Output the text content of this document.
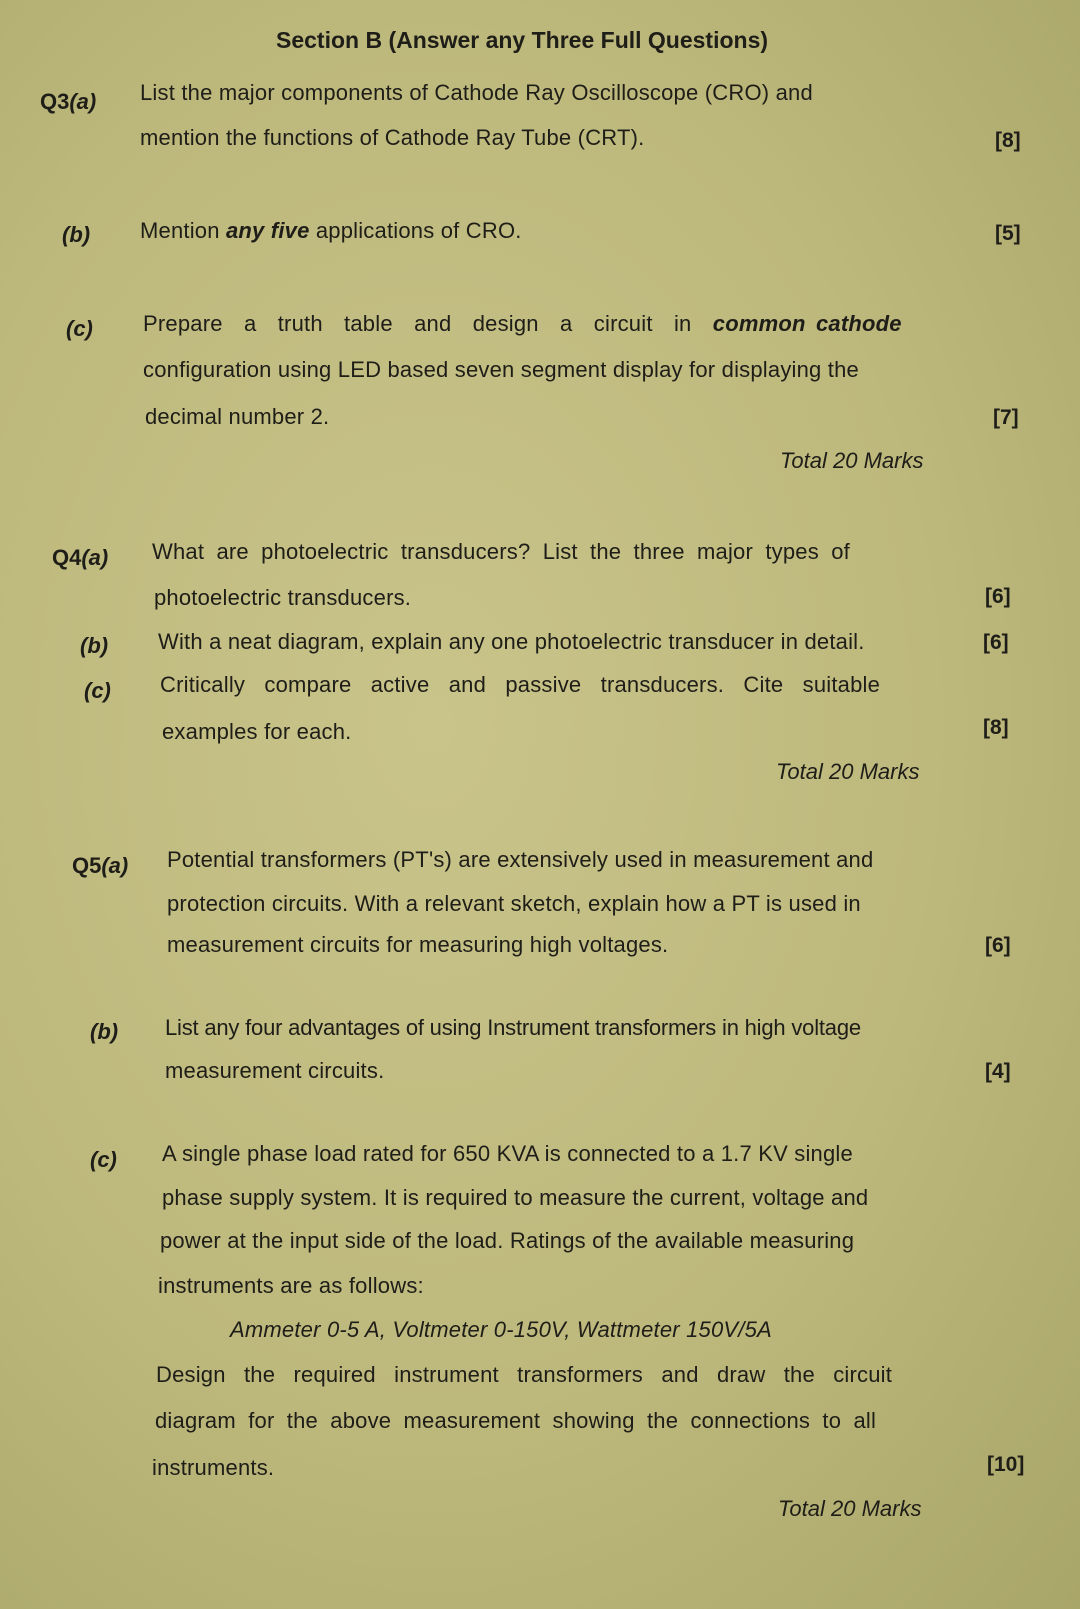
Section B (Answer any Three Full Questions)
Q3(a) List the major components of Cathode Ray Oscilloscope (CRO) and
mention the functions of Cathode Ray Tube (CRT).	[8]
(b) Mention any five applications of CRO.	[5]
(c) Prepare a truth table and design a circuit in common cathode
configuration using LED based seven segment display for displaying the
decimal number 2.	[7]
Total 20 Marks
Q4(a) What are photoelectric transducers? List the three major types of
photoelectric transducers.	[6]
(b) With a neat diagram, explain any one photoelectric transducer in detail.	[6]
(c) Critically compare active and passive transducers. Cite suitable
examples for each.	[8]
Total 20 Marks
Q5(a) Potential transformers (PT's) are extensively used in measurement and
protection circuits. With a relevant sketch, explain how a PT is used in
measurement circuits for measuring high voltages.	[6]
(b) List any four advantages of using Instrument transformers in high voltage
measurement circuits.	[4]
(c) A single phase load rated for 650 KVA is connected to a 1.7 KV single
phase supply system. It is required to measure the current, voltage and
power at the input side of the load. Ratings of the available measuring
instruments are as follows:
Ammeter 0-5 A, Voltmeter 0-150V, Wattmeter 150V/5A
Design the required instrument transformers and draw the circuit
diagram for the above measurement showing the connections to all
instruments.	[10]
Total 20 Marks
